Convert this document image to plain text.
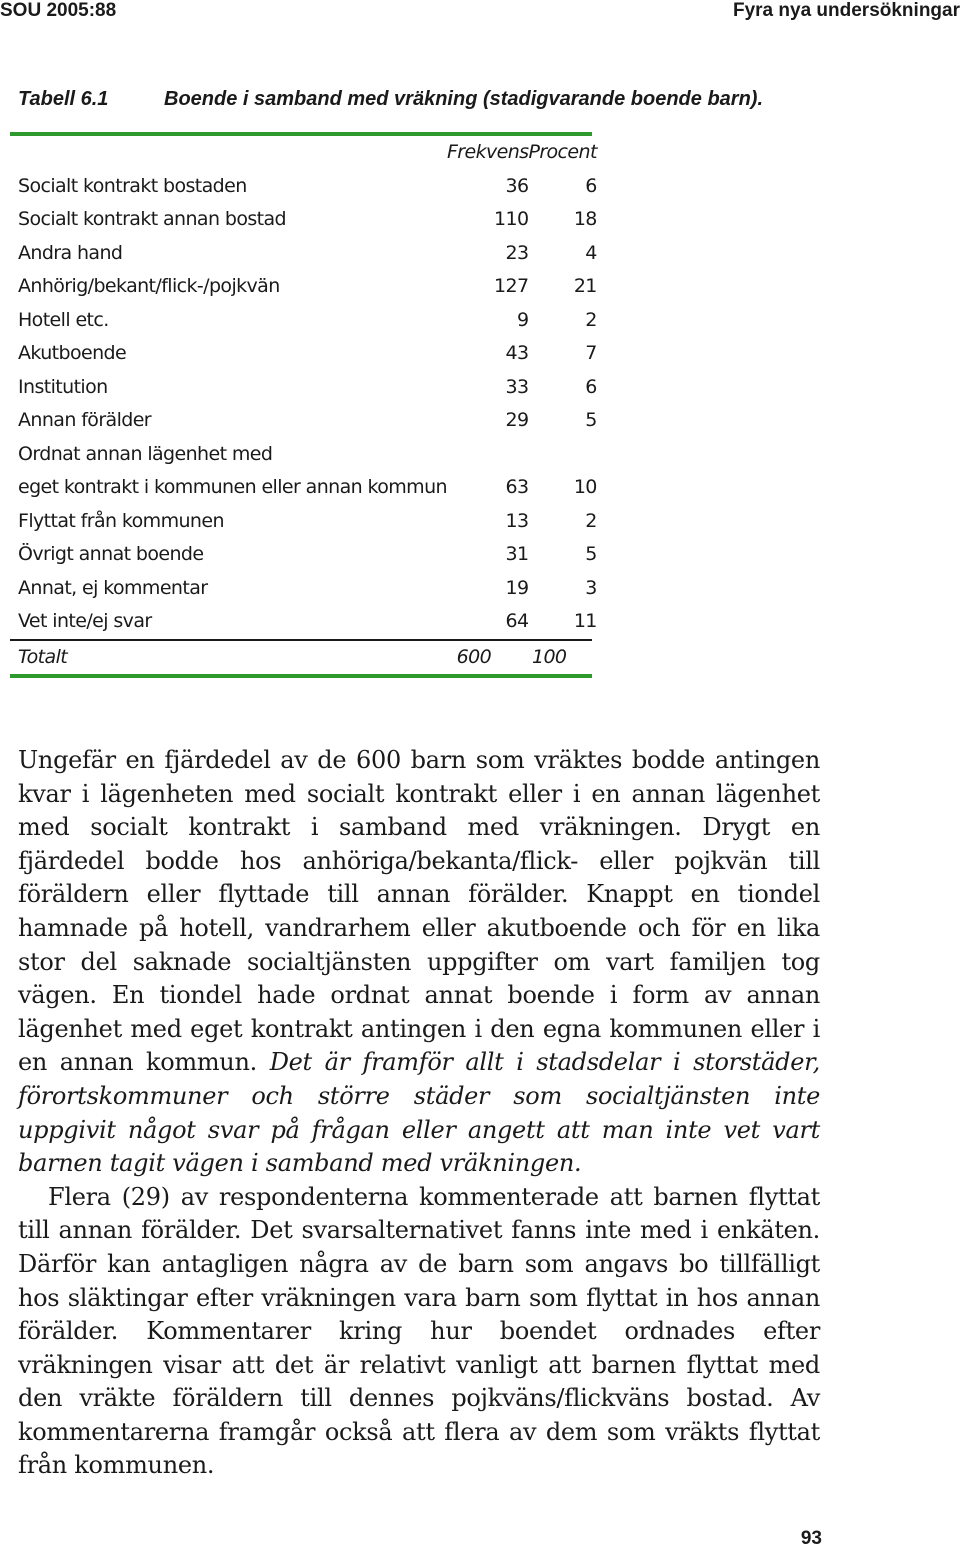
SOU 2005:88	Fyra nya undersökningar
Tabell 6.1	Boende i samband med vräkning (stadigvarande boende barn).
	Frekvens	Procent	
Socialt kontrakt bostaden	36	6	
Socialt kontrakt annan bostad	110	18	
Andra hand	23	4	
Anhörig/bekant/flick-/pojkvän	127	21	
Hotell etc.	9	2	
Akutboende	43	7	
Institution	33	6	
Annan förälder	29	5	
Ordnat annan lägenhet med			
eget kontrakt i kommunen eller annan kommun	63	10	
Flyttat från kommunen	13	2	
Övrigt annat boende	31	5	
Annat, ej kommentar	19	3	
Vet inte/ej svar	64	11	
Totalt	600	100	

Ungefär en fjärdedel av de 600 barn som vräktes bodde antingen kvar i lägenheten med socialt kontrakt eller i en annan lägenhet med socialt kontrakt i samband med vräkningen. Drygt en fjärdedel bodde hos anhöriga/bekanta/flick- eller pojkvän till föräldern eller flyttade till annan förälder. Knappt en tiondel hamnade på hotell, vandrarhem eller akutboende och för en lika stor del saknade socialtjänsten uppgifter om vart familjen tog vägen. En tiondel hade ordnat annat boende i form av annan lägenhet med eget kontrakt antingen i den egna kommunen eller i en annan kommun. Det är framför allt i stadsdelar i storstäder, förortskommuner och större städer som socialtjänsten inte uppgivit något svar på frågan eller angett att man inte vet vart barnen tagit vägen i samband med vräkningen.

Flera (29) av respondenterna kommenterade att barnen flyttat till annan förälder. Det svarsalternativet fanns inte med i enkäten. Därför kan antagligen några av de barn som angavs bo tillfälligt hos släktingar efter vräkningen vara barn som flyttat in hos annan förälder. Kommentarer kring hur boendet ordnades efter vräkningen visar att det är relativt vanligt att barnen flyttat med den vräkte föräldern till dennes pojkväns/flickväns bostad. Av kommentarerna framgår också att flera av dem som vräkts flyttat från kommunen.

93
